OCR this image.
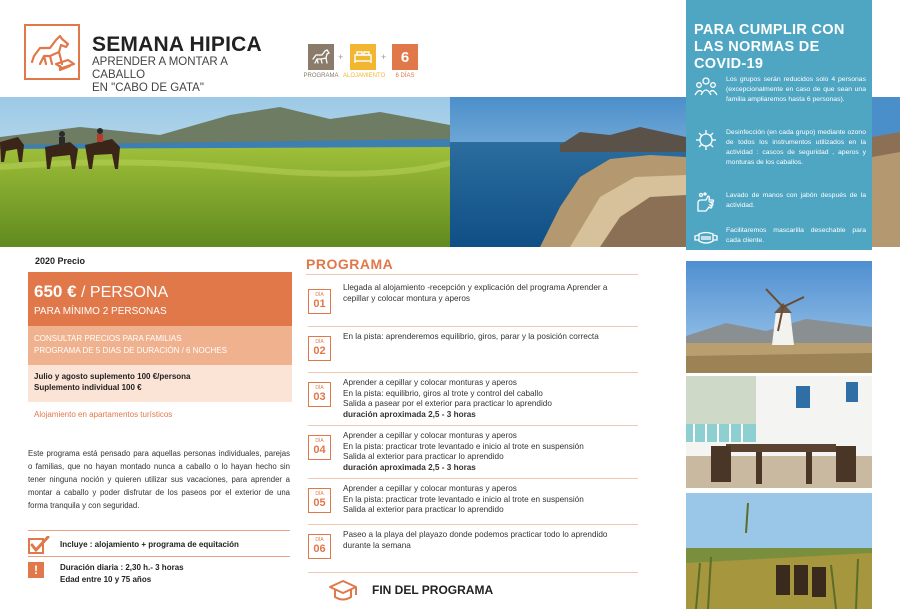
SEMANA HIPICA
APRENDER A MONTAR A CABALLO
EN "CABO DE GATA"
PROGRAMA
+
ALOJAMIENTO
+ 6
6 DÍAS
PARA CUMPLIR CON LAS NORMAS DE COVID-19
Los grupos serán reducidos solo 4 personas (excepcionalmente en caso de que sean una familia ampliaremos hasta 6 personas).
Desinfección (en cada grupo) mediante ozono de todos los instrumentos utilizados en la actividad : cascos de seguridad , aperos y monturas de los caballos.
Lavado de manos con jabón después de la actividad.
Facilitaremos mascarilla desechable para cada cliente.
2020 Precio
650 € / PERSONA
PARA MÍNIMO 2 PERSONAS
CONSULTAR PRECIOS PARA FAMILIAS
PROGRAMA DE 5 DIAS DE DURACIÓN / 6 NOCHES
Julio y agosto suplemento 100 €/persona
Suplemento individual 100 €
Alojamiento en apartamentos turísticos
Este programa está pensado para aquellas personas individuales, parejas o familias, que no hayan montado nunca a caballo o lo hayan hecho sin tener ninguna noción y quieren utilizar sus vacaciones, para aprender a montar a caballo y poder disfrutar de los paseos por el exterior de una forma tranquila y con seguridad.
Incluye : alojamiento + programa de equitación
!	Duración diaria : 2,30 h.- 3 horas
Edad entre 10 y 75 años
PROGRAMA
DÍA
01
Llegada al alojamiento -recepción y explicación del programa Aprender a
cepillar y colocar montura y aperos
DÍA
02
En la pista: aprenderemos equilibrio, giros, parar y la posición correcta
DÍA
03
Aprender a cepillar y colocar monturas y aperos
En la pista: equilibrio, giros al trote y control del caballo
Salida a pasear por el exterior para practicar lo aprendido
duración aproximada 2,5 - 3 horas
DÍA
04
Aprender a cepillar y colocar monturas y aperos
En la pista: practicar trote levantado e inicio al trote en suspensión
Salida al exterior para practicar lo aprendido
duración aproximada 2,5 - 3 horas
DÍA
05
Aprender a cepillar y colocar monturas y aperos
En la pista: practicar trote levantado e inicio al trote en suspensión
Salida al exterior para practicar lo aprendido
DÍA
06
Paseo a la playa del playazo donde podemos practicar todo lo aprendido
durante la semana
FIN DEL PROGRAMA
